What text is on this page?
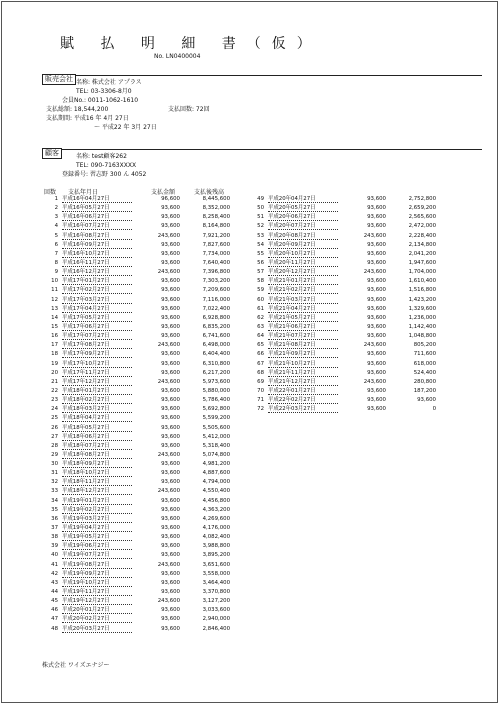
賦 払 明 細 書（仮）
No. LN0400004
販売会社 名称: 株式会社 アプラス
TEL: 03-3306-8月0
会員No.: 0011-1062-1610
支払総額: 18,544,200	支払回数: 72回
支払期間: 平成16 年 4月 27日
〜 平成22 年 3月 27日
顧客	名称: test顧客262
TEL: 090-7163XXXX
登録番号: 習志野 300 ん 4052
回数 支払年月日	支払金額	支払後残高
1 平成16年04月27日	96,600	8,445,600
2 平成16年05月27日	93,600	8,352,000
3 平成16年06月27日	93,600	8,258,400
4 平成16年07月27日	93,600	8,164,800
5 平成16年08月27日	243,600	7,921,200
6 平成16年09月27日	93,600	7,827,600
7 平成16年10月27日	93,600	7,734,000
8 平成16年11月27日	93,600	7,640,400
9 平成16年12月27日	243,600	7,396,800
10 平成17年01月27日	93,600	7,303,200
11 平成17年02月27日	93,600	7,209,600
12 平成17年03月27日	93,600	7,116,000
13 平成17年04月27日	93,600	7,022,400
14 平成17年05月27日	93,600	6,928,800
15 平成17年06月27日	93,600	6,835,200
16 平成17年07月27日	93,600	6,741,600
17 平成17年08月27日	243,600	6,498,000
18 平成17年09月27日	93,600	6,404,400
19 平成17年10月27日	93,600	6,310,800
20 平成17年11月27日	93,600	6,217,200
21 平成17年12月27日	243,600	5,973,600
22 平成18年01月27日	93,600	5,880,000
23 平成18年02月27日	93,600	5,786,400
24 平成18年03月27日	93,600	5,692,800
25 平成18年04月27日	93,600	5,599,200
26 平成18年05月27日	93,600	5,505,600
27 平成18年06月27日	93,600	5,412,000
28 平成18年07月27日	93,600	5,318,400
29 平成18年08月27日	243,600	5,074,800
30 平成18年09月27日	93,600	4,981,200
31 平成18年10月27日	93,600	4,887,600
32 平成18年11月27日	93,600	4,794,000
33 平成18年12月27日	243,600	4,550,400
34 平成19年01月27日	93,600	4,456,800
35 平成19年02月27日	93,600	4,363,200
36 平成19年03月27日	93,600	4,269,600
37 平成19年04月27日	93,600	4,176,000
38 平成19年05月27日	93,600	4,082,400
39 平成19年06月27日	93,600	3,988,800
40 平成19年07月27日	93,600	3,895,200
41 平成19年08月27日	243,600	3,651,600
42 平成19年09月27日	93,600	3,558,000
43 平成19年10月27日	93,600	3,464,400
44 平成19年11月27日	93,600	3,370,800
45 平成19年12月27日	243,600	3,127,200
46 平成20年01月27日	93,600	3,033,600
47 平成20年02月27日	93,600	2,940,000
48 平成20年03月27日	93,600	2,846,400
49 平成20年04月27日	93,600	2,752,800
50 平成20年05月27日	93,600	2,659,200
51 平成20年06月27日	93,600	2,565,600
52 平成20年07月27日	93,600	2,472,000
53 平成20年08月27日	243,600	2,228,400
54 平成20年09月27日	93,600	2,134,800
55 平成20年10月27日	93,600	2,041,200
56 平成20年11月27日	93,600	1,947,600
57 平成20年12月27日	243,600	1,704,000
58 平成21年01月27日	93,600	1,610,400
59 平成21年02月27日	93,600	1,516,800
60 平成21年03月27日	93,600	1,423,200
61 平成21年04月27日	93,600	1,329,600
62 平成21年05月27日	93,600	1,236,000
63 平成21年06月27日	93,600	1,142,400
64 平成21年07月27日	93,600	1,048,800
65 平成21年08月27日	243,600	805,200
66 平成21年09月27日	93,600	711,600
67 平成21年10月27日	93,600	618,000
68 平成21年11月27日	93,600	524,400
69 平成21年12月27日	243,600	280,800
70 平成22年01月27日	93,600	187,200
71 平成22年02月27日	93,600	93,600
72 平成22年03月27日	93,600	0
株式会社 ワイズエナジー
